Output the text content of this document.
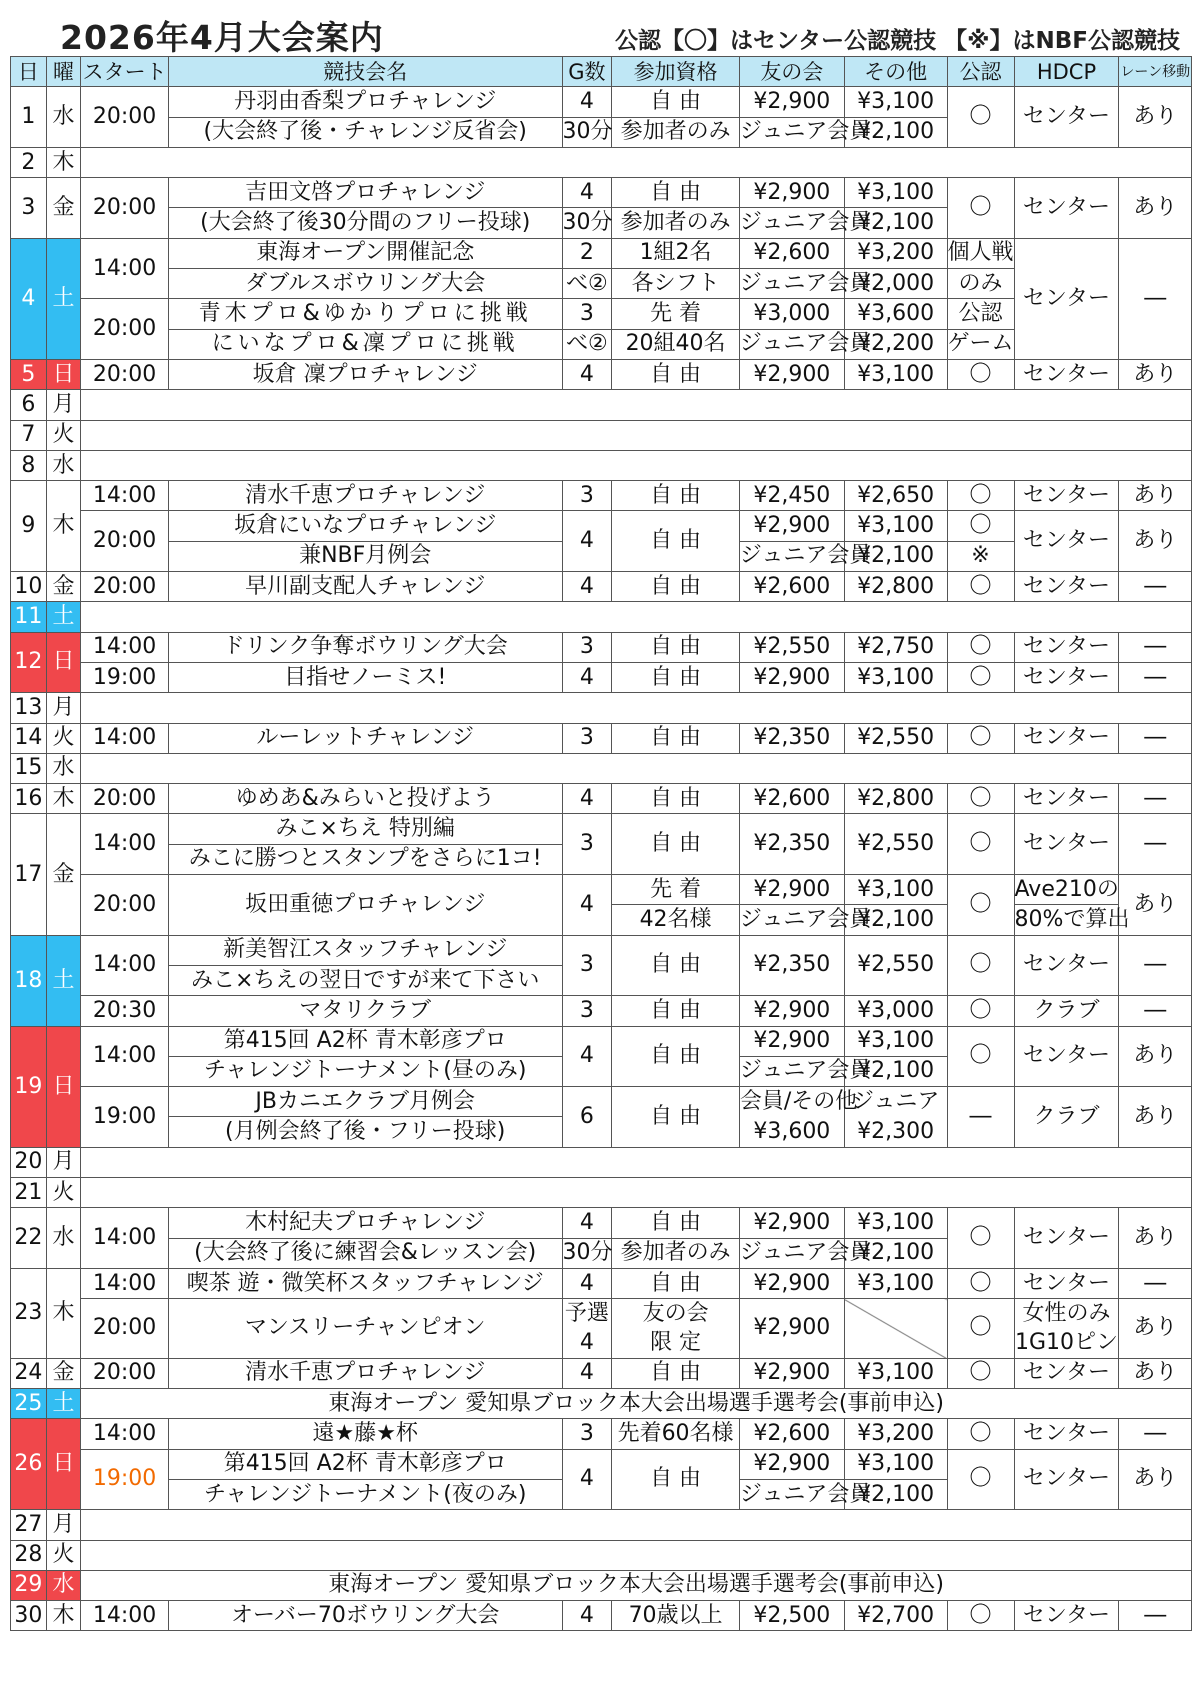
2026年4月大会案内	公認【〇】はセンター公認競技 【※】はNBF公認競技
日	曜	スタート	競技会名	G数	参加資格	友の会	その他	公認	HDCP	レーン移動
1	水	20:00	丹羽由香梨プロチャレンジ	4	自 由	¥2,900	¥3,100	〇	センター	あり
			(大会終了後・チャレンジ反省会)	30分	参加者のみ	ジュニア会員	¥2,100			
2	木									
3	金	20:00	吉田文啓プロチャレンジ	4	自 由	¥2,900	¥3,100	〇	センター	あり
			(大会終了後30分間のフリー投球)	30分	参加者のみ	ジュニア会員	¥2,100			
4	土	14:00	東海オープン開催記念	2	1組2名	¥2,600	¥3,200	個人戦	センター	―
			ダブルスボウリング大会	べ②	各シフト	ジュニア会員	¥2,000	のみ		
		20:00	青木プロ&ゆかりプロに挑戦	3	先 着	¥3,000	¥3,600	公認		
			にいなプロ&凜プロに挑戦	べ②	20組40名	ジュニア会員	¥2,200	ゲーム		
5	日	20:00	坂倉 凜プロチャレンジ	4	自 由	¥2,900	¥3,100	〇	センター	あり
6	月									
7	火									
8	水									
9	木	14:00	清水千恵プロチャレンジ	3	自 由	¥2,450	¥2,650	〇	センター	あり
		20:00	坂倉にいなプロチャレンジ	4	自 由	¥2,900	¥3,100	〇	センター	あり
			兼NBF月例会			ジュニア会員	¥2,100	※		
10	金	20:00	早川副支配人チャレンジ	4	自 由	¥2,600	¥2,800	〇	センター	―
11	土									
12	日	14:00	ドリンク争奪ボウリング大会	3	自 由	¥2,550	¥2,750	〇	センター	―
		19:00	目指せノーミス!	4	自 由	¥2,900	¥3,100	〇	センター	―
13	月									
14	火	14:00	ルーレットチャレンジ	3	自 由	¥2,350	¥2,550	〇	センター	―
15	水									
16	木	20:00	ゆめあ&みらいと投げよう	4	自 由	¥2,600	¥2,800	〇	センター	―
17	金	14:00	みこ×ちえ 特別編	3	自 由	¥2,350	¥2,550	〇	センター	―
			みこに勝つとスタンプをさらに1コ!							
		20:00	坂田重徳プロチャレンジ	4	先 着	¥2,900	¥3,100	〇	Ave210の	あり
					42名様	ジュニア会員	¥2,100		80%で算出	
18	土	14:00	新美智江スタッフチャレンジ	3	自 由	¥2,350	¥2,550	〇	センター	―
			みこ×ちえの翌日ですが来て下さい							
		20:30	マタリクラブ	3	自 由	¥2,900	¥3,000	〇	クラブ	―
19	日	14:00	第415回 A2杯 青木彰彦プロ	4	自 由	¥2,900	¥3,100	〇	センター	あり
			チャレンジトーナメント(昼のみ)			ジュニア会員	¥2,100			
		19:00	JBカニエクラブ月例会	6	自 由	会員/その他	ジュニア	―	クラブ	あり
			(月例会終了後・フリー投球)			¥3,600	¥2,300			
20	月									
21	火									
22	水	14:00	木村紀夫プロチャレンジ	4	自 由	¥2,900	¥3,100	〇	センター	あり
			(大会終了後に練習会&レッスン会)	30分	参加者のみ	ジュニア会員	¥2,100			
23	木	14:00	喫茶 遊・微笑杯スタッフチャレンジ	4	自 由	¥2,900	¥3,100	〇	センター	―
		20:00	マンスリーチャンピオン	予選	友の会	¥2,900		〇	女性のみ	あり
				4	限 定				1G10ピン	
24	金	20:00	清水千恵プロチャレンジ	4	自 由	¥2,900	¥3,100	〇	センター	あり
25	土	東海オープン 愛知県ブロック本大会出場選手選考会(事前申込)								
26	日	14:00	遠★藤★杯	3	先着60名様	¥2,600	¥3,200	〇	センター	―
		19:00	第415回 A2杯 青木彰彦プロ	4	自 由	¥2,900	¥3,100	〇	センター	あり
			チャレンジトーナメント(夜のみ)			ジュニア会員	¥2,100			
27	月									
28	火									
29	水	東海オープン 愛知県ブロック本大会出場選手選考会(事前申込)								
30	木	14:00	オーバー70ボウリング大会	4	70歳以上	¥2,500	¥2,700	〇	センター	―
